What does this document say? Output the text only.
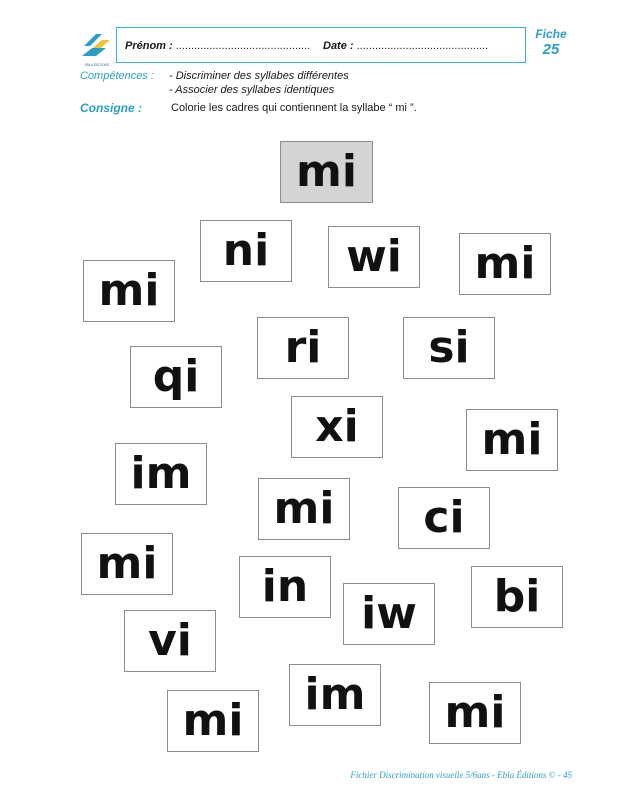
EBLA ÉDITIONS
Prénom : ............................................ Date : ...........................................
Fiche
25
Compétences : - Discriminer des syllabes différentes
- Associer des syllabes identiques
Consigne :	Colorie les cadres qui contiennent la syllabe “ mi ”.
mi
ni	wi	mi
mi
ri	si
qi
xi	mi
im
mi
ci
mi
in
iw	bi
vi
im
mi	mi
Fichier Discrimination visuelle 5/6ans - Ebla Éditions © - 45
